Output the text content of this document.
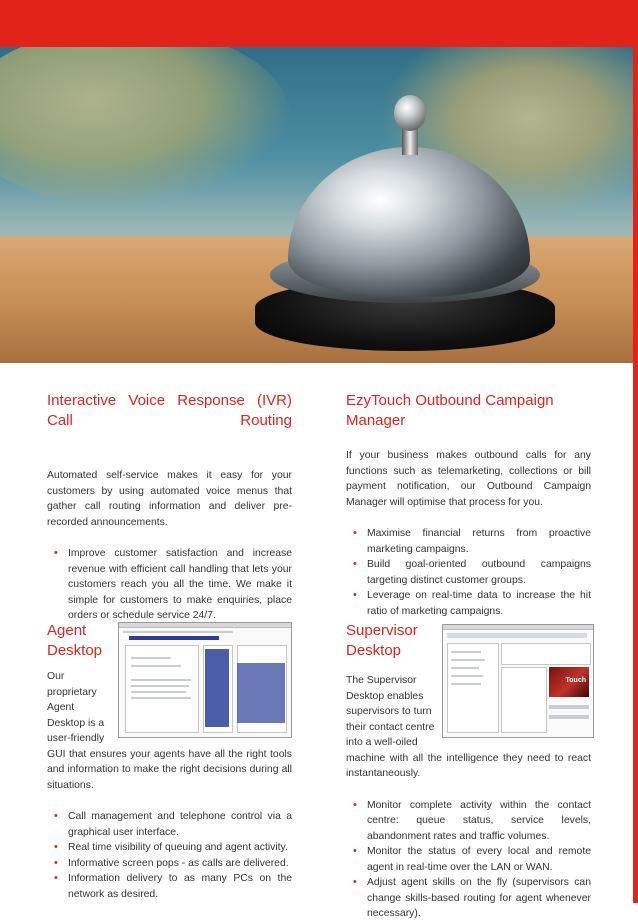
Interactive Voice Response (IVR) Call Routing

Automated self-service makes it easy for your customers by using automated voice menus that gather call routing information and deliver pre-recorded announcements.

• Improve customer satisfaction and increase revenue with efficient call handling that lets your customers reach you all the time. We make it simple for customers to make enquiries, place orders or schedule service 24/7.
EzyTouch Outbound Campaign Manager

If your business makes outbound calls for any functions such as telemarketing, collections or bill payment notification, our Outbound Campaign Manager will optimise that process for you.

• Maximise financial returns from proactive marketing campaigns.
• Build goal-oriented outbound campaigns targeting distinct customer groups.
• Leverage on real-time data to increase the hit ratio of marketing campaigns.
Agent
Desktop

Our

proprietary

Agent

Desktop is a

user-friendly

GUI that ensures your agents have all the right tools and information to make the right decisions during all situations.

• Call management and telephone control via a graphical user interface.
• Real time visibility of queuing and agent activity.
• Informative screen pops - as calls are delivered.
• Information delivery to as many PCs on the network as desired.
Supervisor
Desktop

The Supervisor

Desktop enables

supervisors to turn

their contact centre

into a well-oiled

machine with all the intelligence they need to react instantaneously.

• Monitor complete activity within the contact centre: queue status, service levels, abandonment rates and traffic volumes.
• Monitor the status of every local and remote agent in real-time over the LAN or WAN.
• Adjust agent skills on the fly (supervisors can change skills-based routing for agent whenever necessary).
Touch
